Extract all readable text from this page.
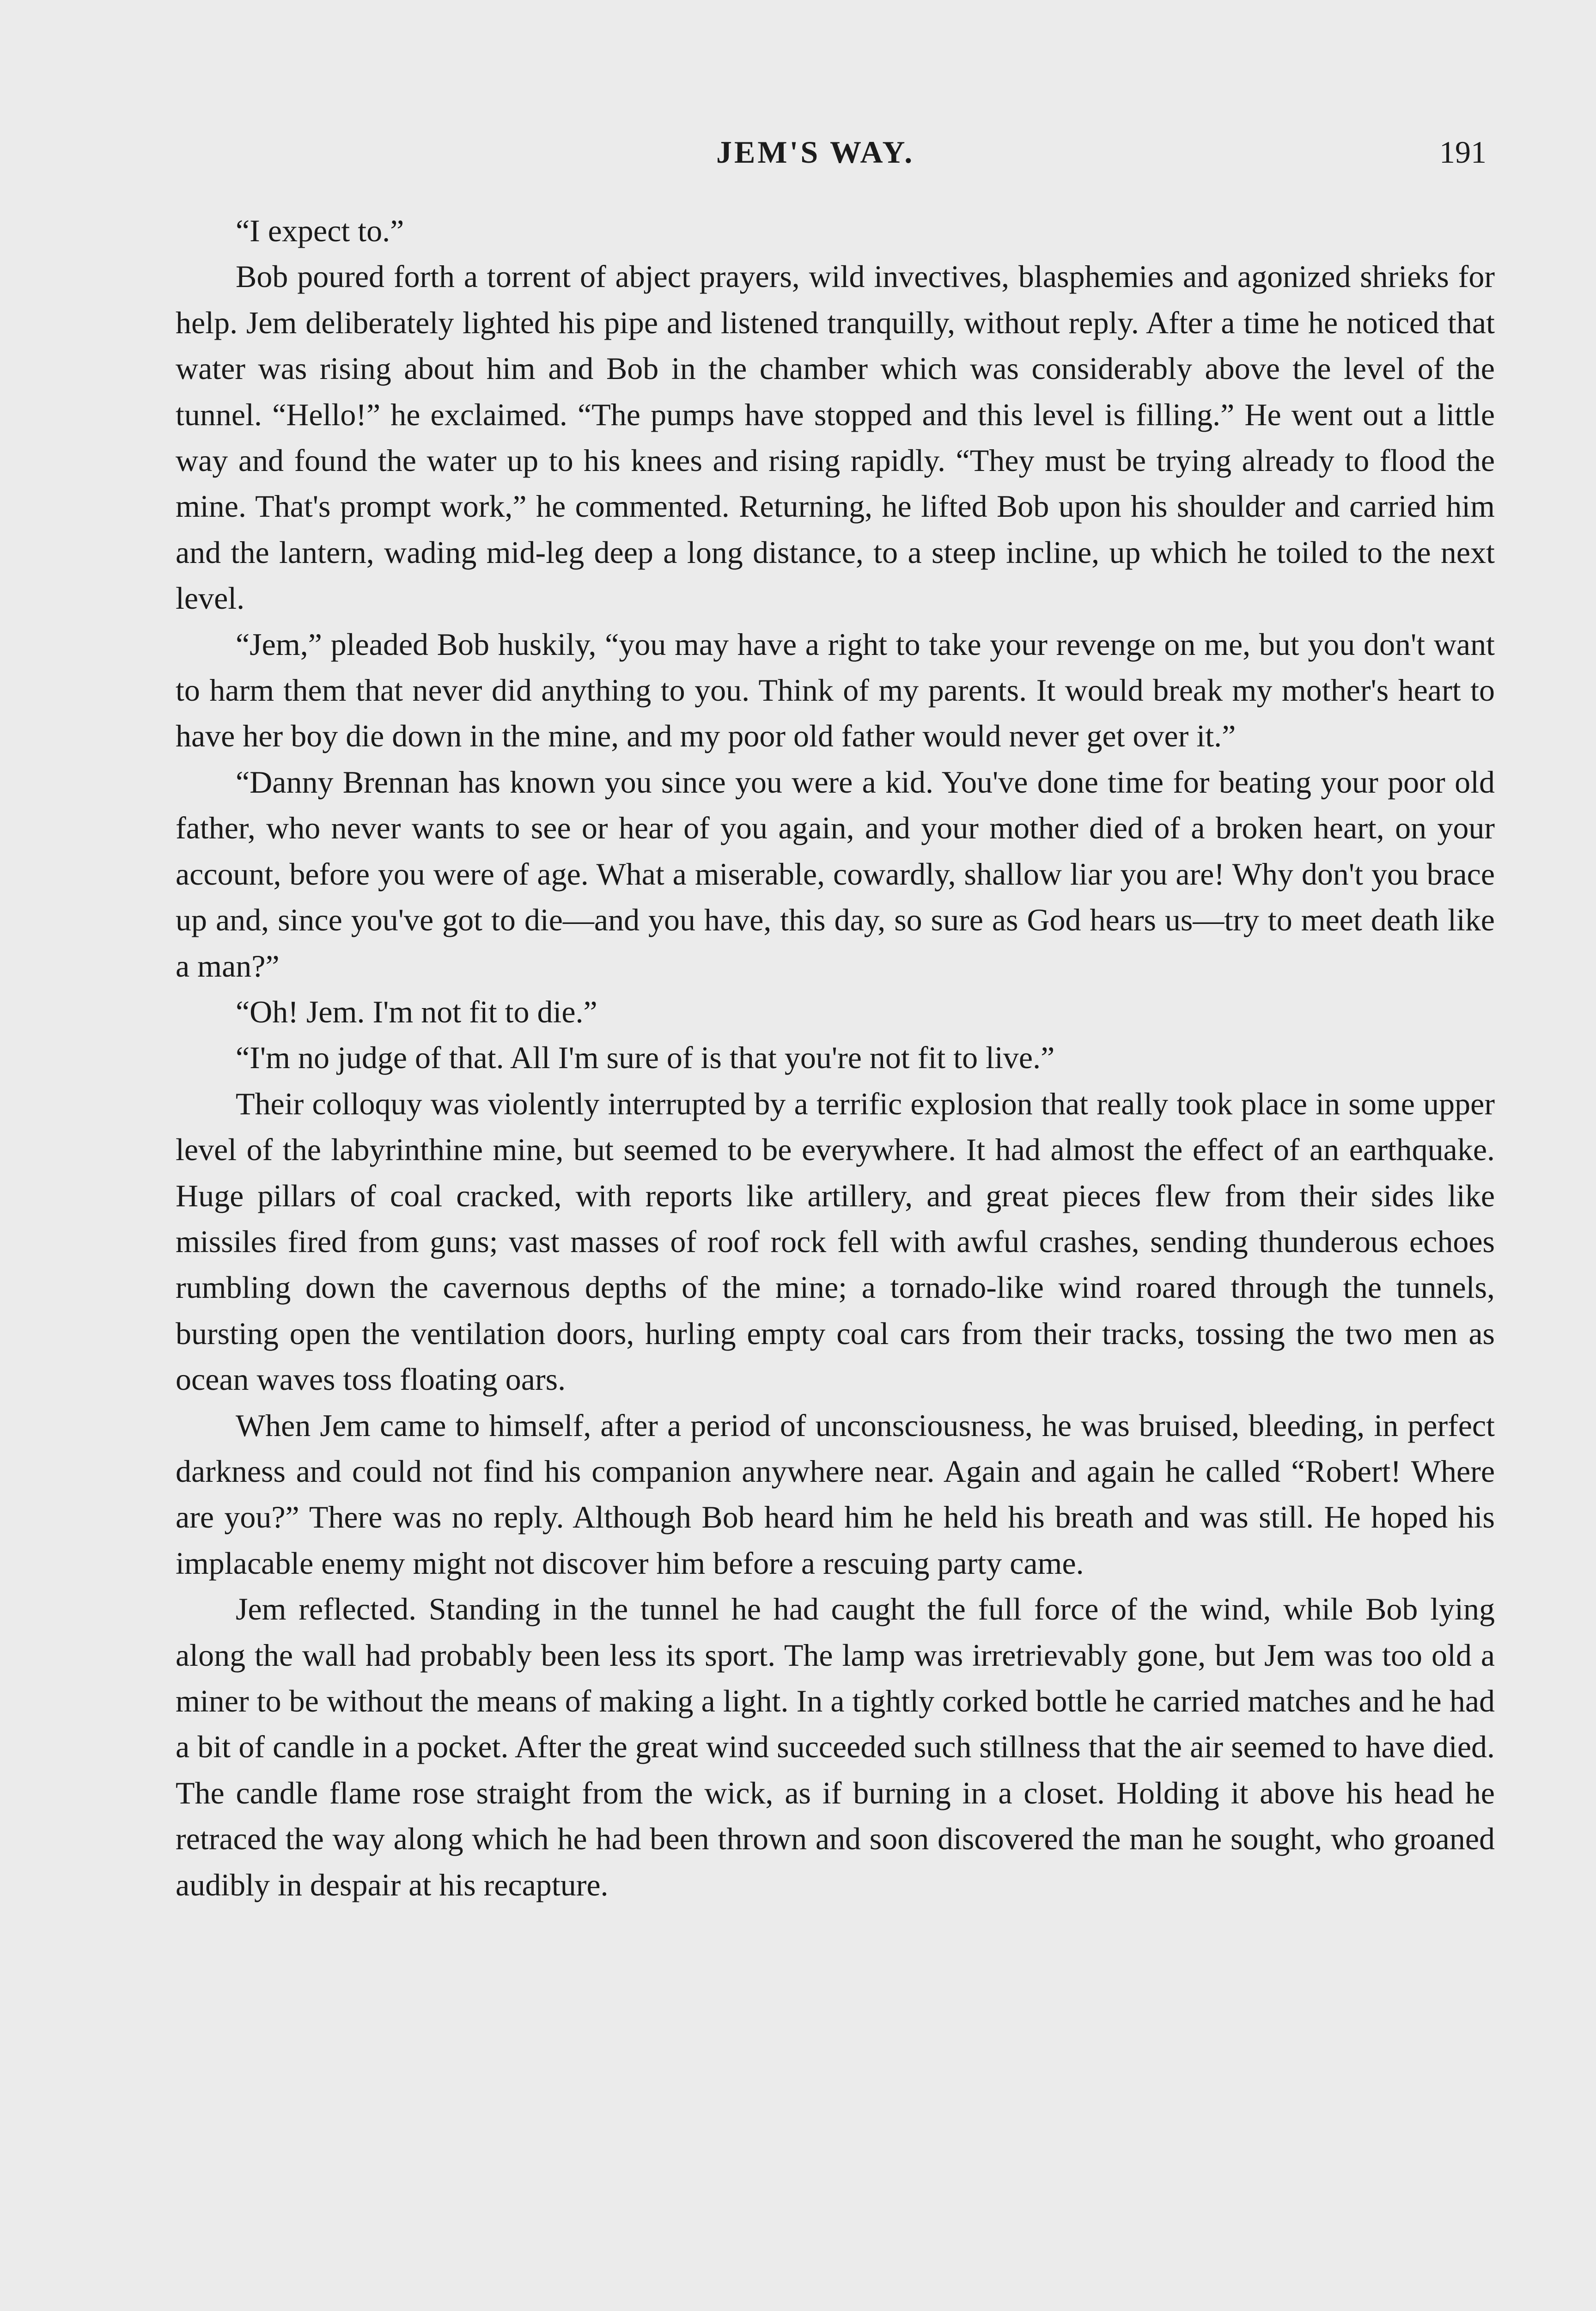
JEM'S WAY.	191

“I expect to.”

Bob poured forth a torrent of abject prayers, wild invectives, blasphemies and agonized shrieks for help. Jem deliberately lighted his pipe and listened tranquilly, without reply. After a time he noticed that water was rising about him and Bob in the chamber which was considerably above the level of the tunnel. “Hello!” he exclaimed. “The pumps have stopped and this level is filling.” He went out a little way and found the water up to his knees and rising rapidly. “They must be trying already to flood the mine. That's prompt work,” he commented. Returning, he lifted Bob upon his shoulder and carried him and the lantern, wading mid-leg deep a long distance, to a steep incline, up which he toiled to the next level.

“Jem,” pleaded Bob huskily, “you may have a right to take your revenge on me, but you don't want to harm them that never did anything to you. Think of my parents. It would break my mother's heart to have her boy die down in the mine, and my poor old father would never get over it.”

“Danny Brennan has known you since you were a kid. You've done time for beating your poor old father, who never wants to see or hear of you again, and your mother died of a broken heart, on your account, before you were of age. What a miserable, cowardly, shallow liar you are! Why don't you brace up and, since you've got to die—and you have, this day, so sure as God hears us—try to meet death like a man?”

“Oh! Jem. I'm not fit to die.”

“I'm no judge of that. All I'm sure of is that you're not fit to live.”

Their colloquy was violently interrupted by a terrific explosion that really took place in some upper level of the labyrinthine mine, but seemed to be everywhere. It had almost the effect of an earthquake. Huge pillars of coal cracked, with reports like artillery, and great pieces flew from their sides like missiles fired from guns; vast masses of roof rock fell with awful crashes, sending thunderous echoes rumbling down the cavernous depths of the mine; a tornado-like wind roared through the tunnels, bursting open the ventilation doors, hurling empty coal cars from their tracks, tossing the two men as ocean waves toss floating oars.

When Jem came to himself, after a period of unconsciousness, he was bruised, bleeding, in perfect darkness and could not find his companion anywhere near. Again and again he called “Robert! Where are you?” There was no reply. Although Bob heard him he held his breath and was still. He hoped his implacable enemy might not discover him before a rescuing party came.

Jem reflected. Standing in the tunnel he had caught the full force of the wind, while Bob lying along the wall had probably been less its sport. The lamp was irretrievably gone, but Jem was too old a miner to be without the means of making a light. In a tightly corked bottle he carried matches and he had a bit of candle in a pocket. After the great wind succeeded such stillness that the air seemed to have died. The candle flame rose straight from the wick, as if burning in a closet. Holding it above his head he retraced the way along which he had been thrown and soon discovered the man he sought, who groaned audibly in despair at his recapture.
